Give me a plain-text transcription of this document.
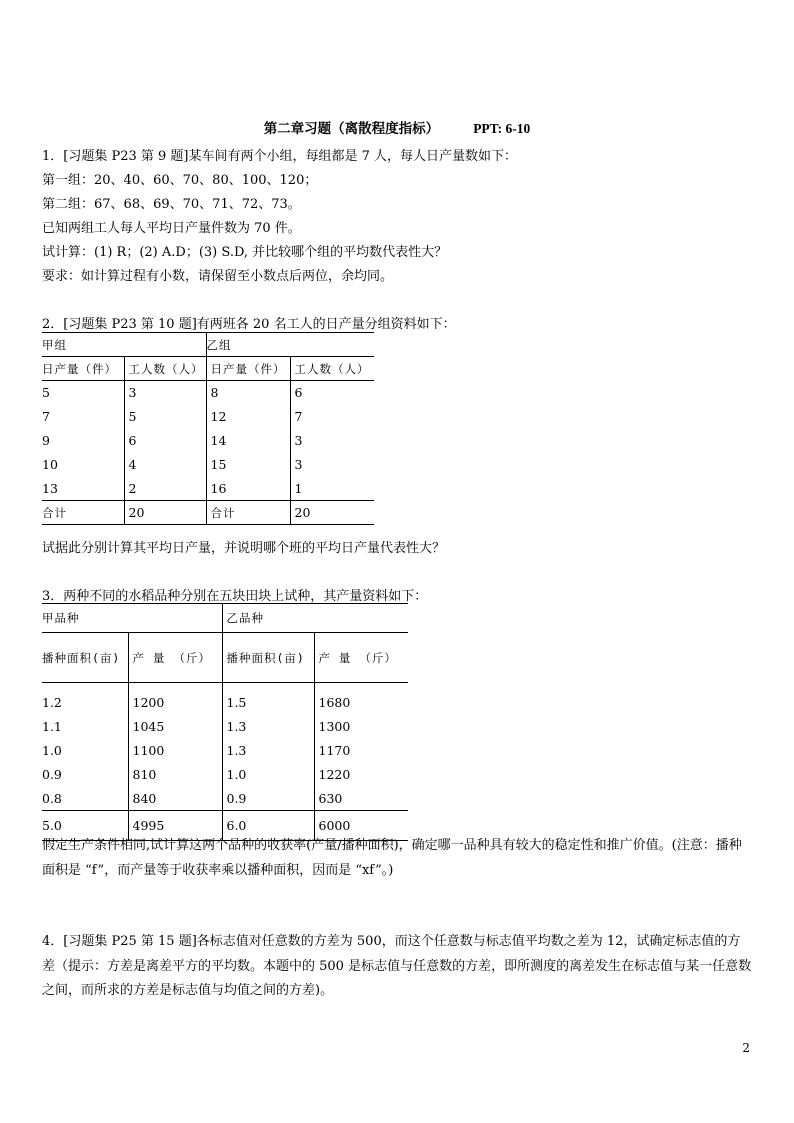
第二章习题（离散程度指标）	PPT: 6-10
1．[习题集 P23 第 9 题]某车间有两个小组，每组都是 7 人，每人日产量数如下：
第一组：20、40、60、70、80、100、120；
第二组：67、68、69、70、71、72、73。
已知两组工人每人平均日产量件数为 70 件。
试计算：(1) R；(2) A.D；(3) S.D, 并比较哪个组的平均数代表性大？
要求：如计算过程有小数，请保留至小数点后两位，余均同。
2．[习题集 P23 第 10 题]有两班各 20 名工人的日产量分组资料如下：
甲组		乙组	
日产量（件）	工人数（人）	日产量（件）	工人数（人）
5	3	8	6
7	5	12	7
9	6	14	3
10	4	15	3
13	2	16	1
合计	20	合计	20
试据此分别计算其平均日产量，并说明哪个班的平均日产量代表性大？
3．两种不同的水稻品种分别在五块田块上试种，其产量资料如下：
甲品种		乙品种	
播种面积(亩)	产 量 （斤）	播种面积(亩)	产 量 （斤）

1.2	1200	1.5	1680
1.1	1045	1.3	1300
1.0	1100	1.3	1170
0.9	810	1.0	1220
0.8	840	0.9	630
5.0	4995	6.0	6000
假定生产条件相同,试计算这两个品种的收获率(产量/播种面积)，确定哪一品种具有较大的稳定性和推广价值。(注意：播种面积是 “f”，而产量等于收获率乘以播种面积，因而是 “xf”。)
4．[习题集 P25 第 15 题]各标志值对任意数的方差为 500，而这个任意数与标志值平均数之差为 12，试确定标志值的方差（提示：方差是离差平方的平均数。本题中的 500 是标志值与任意数的方差，即所测度的离差发生在标志值与某一任意数之间，而所求的方差是标志值与均值之间的方差)。
2
